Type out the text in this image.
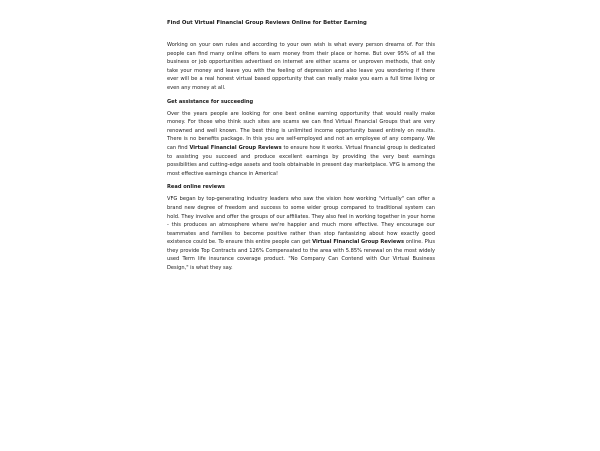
Find Out Virtual Financial Group Reviews Online for Better Earning

Working on your own rules and according to your own wish is what every person dreams of. For this people can find many online offers to earn money from their place or home. But over 95% of all the business or job opportunities advertised on internet are either scams or unproven methods, that only take your money and leave you with the feeling of depression and also leave you wondering if there ever will be a real honest virtual based opportunity that can really make you earn a full time living or even any money at all.

Get assistance for succeeding

Over the years people are looking for one best online earning opportunity that would really make money. For those who think such sites are scams we can find Virtual Financial Groups that are very renowned and well known. The best thing is unlimited income opportunity based entirely on results. There is no benefits package. In this you are self-employed and not an employee of any company. We can find Virtual Financial Group Reviews to ensure how it works. Virtual financial group is dedicated to assisting you succeed and produce excellent earnings by providing the very best earnings possibilities and cutting-edge assets and tools obtainable in present day marketplace. VFG is among the most effective earnings chance in America!

Read online reviews

VFG began by top-generating industry leaders who saw the vision how working "virtually" can offer a brand new degree of freedom and success to some wider group compared to traditional system can hold. They involve and offer the groups of our affiliates. They also feel in working together in your home - this produces an atmosphere where we're happier and much more effective. They encourage our teammates and families to become positive rather than stop fantasizing about how exactly good existence could be. To ensure this entire people can get Virtual Financial Group Reviews online. Plus they provide Top Contracts and 126% Compensated to the area with 5.85% renewal on the most widely used Term life insurance coverage product. "No Company Can Contend with Our Virtual Business Design," is what they say.
